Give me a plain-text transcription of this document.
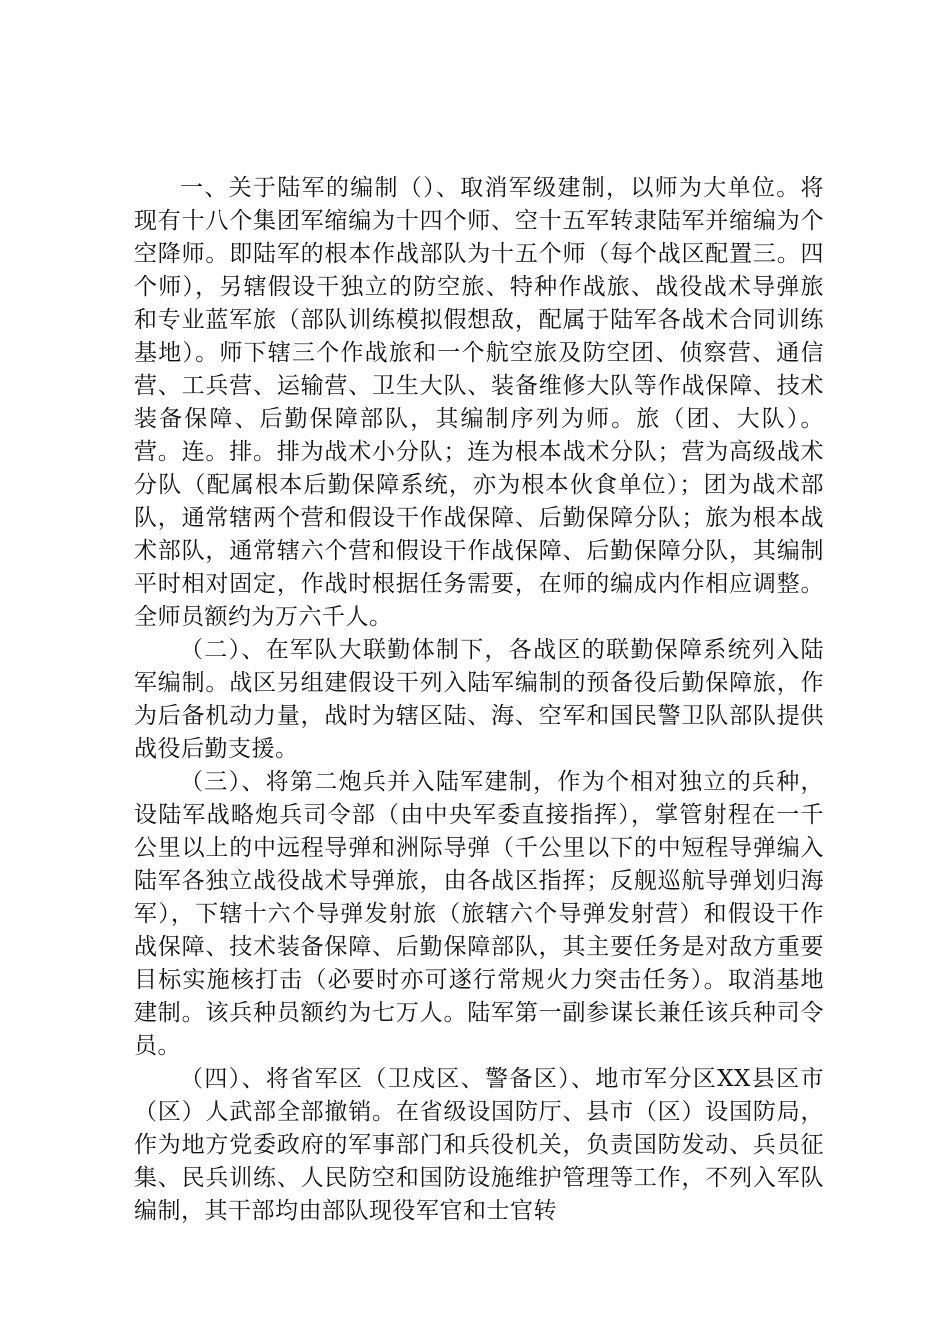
一、关于陆军的编制（）、取消军级建制，以师为大单位。将现有十八个集团军缩编为十四个师、空十五军转隶陆军并缩编为个空降师。即陆军的根本作战部队为十五个师（每个战区配置三。四个师），另辖假设干独立的防空旅、特种作战旅、战役战术导弹旅和专业蓝军旅（部队训练模拟假想敌，配属于陆军各战术合同训练基地）。师下辖三个作战旅和一个航空旅及防空团、侦察营、通信营、工兵营、运输营、卫生大队、装备维修大队等作战保障、技术装备保障、后勤保障部队，其编制序列为师。旅（团、大队）。营。连。排。排为战术小分队；连为根本战术分队；营为高级战术分队（配属根本后勤保障系统，亦为根本伙食单位）；团为战术部队，通常辖两个营和假设干作战保障、后勤保障分队；旅为根本战术部队，通常辖六个营和假设干作战保障、后勤保障分队，其编制平时相对固定，作战时根据任务需要，在师的编成内作相应调整。全师员额约为万六千人。

（二）、在军队大联勤体制下，各战区的联勤保障系统列入陆军编制。战区另组建假设干列入陆军编制的预备役后勤保障旅，作为后备机动力量，战时为辖区陆、海、空军和国民警卫队部队提供战役后勤支援。

（三）、将第二炮兵并入陆军建制，作为个相对独立的兵种，设陆军战略炮兵司令部（由中央军委直接指挥），掌管射程在一千公里以上的中远程导弹和洲际导弹（千公里以下的中短程导弹编入陆军各独立战役战术导弹旅，由各战区指挥；反舰巡航导弹划归海军），下辖十六个导弹发射旅（旅辖六个导弹发射营）和假设干作战保障、技术装备保障、后勤保障部队，其主要任务是对敌方重要目标实施核打击（必要时亦可遂行常规火力突击任务）。取消基地建制。该兵种员额约为七万人。陆军第一副参谋长兼任该兵种司令员。

（四）、将省军区（卫戍区、警备区）、地市军分区XX县区市（区）人武部全部撤销。在省级设国防厅、县市（区）设国防局，作为地方党委政府的军事部门和兵役机关，负责国防发动、兵员征集、民兵训练、人民防空和国防设施维护管理等工作，不列入军队编制，其干部均由部队现役军官和士官转
